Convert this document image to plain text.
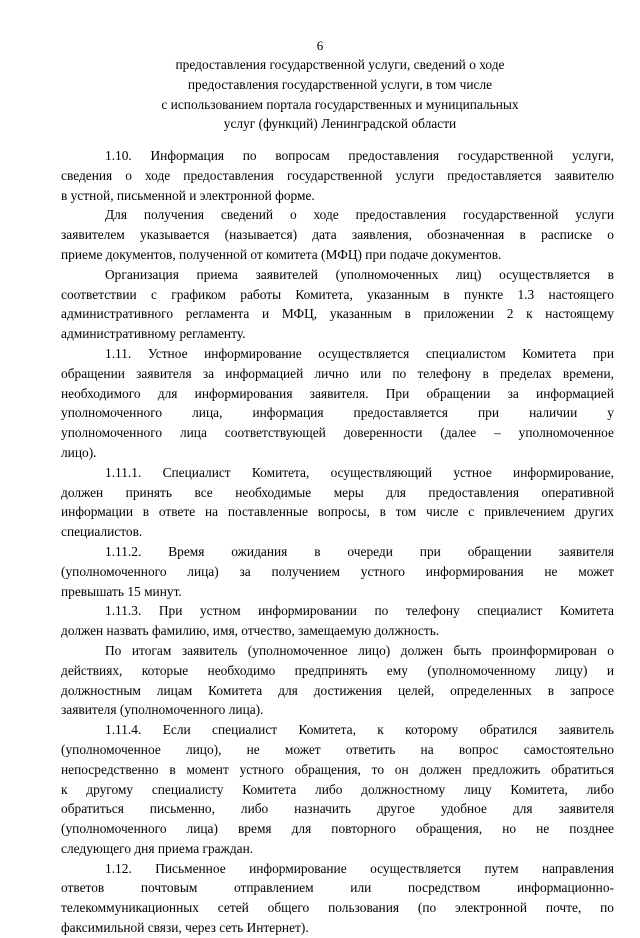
6
предоставления государственной услуги, сведений о ходе
предоставления государственной услуги, в том числе
с использованием портала государственных и муниципальных
услуг (функций) Ленинградской области
1.10. Информация по вопросам предоставления государственной услуги,
сведения о ходе предоставления государственной услуги предоставляется заявителю
в устной, письменной и электронной форме.
Для получения сведений о ходе предоставления государственной услуги
заявителем указывается (называется) дата заявления, обозначенная в расписке о
приеме документов, полученной от комитета (МФЦ) при подаче документов.
Организация приема заявителей (уполномоченных лиц) осуществляется в
соответствии с графиком работы Комитета, указанным в пункте 1.3 настоящего
административного регламента и МФЦ, указанным в приложении 2 к настоящему
административному регламенту.
1.11. Устное информирование осуществляется специалистом Комитета при
обращении заявителя за информацией лично или по телефону в пределах времени,
необходимого для информирования заявителя. При обращении за информацией
уполномоченного лица, информация предоставляется при наличии у
уполномоченного лица соответствующей доверенности (далее – уполномоченное
лицо).
1.11.1. Специалист Комитета, осуществляющий устное информирование,
должен принять все необходимые меры для предоставления оперативной
информации в ответе на поставленные вопросы, в том числе с привлечением других
специалистов.
1.11.2. Время ожидания в очереди при обращении заявителя
(уполномоченного лица) за получением устного информирования не может
превышать 15 минут.
1.11.3. При устном информировании по телефону специалист Комитета
должен назвать фамилию, имя, отчество, замещаемую должность.
По итогам заявитель (уполномоченное лицо) должен быть проинформирован о
действиях, которые необходимо предпринять ему (уполномоченному лицу) и
должностным лицам Комитета для достижения целей, определенных в запросе
заявителя (уполномоченного лица).
1.11.4. Если специалист Комитета, к которому обратился заявитель
(уполномоченное лицо), не может ответить на вопрос самостоятельно
непосредственно в момент устного обращения, то он должен предложить обратиться
к другому специалисту Комитета либо должностному лицу Комитета, либо
обратиться письменно, либо назначить другое удобное для заявителя
(уполномоченного лица) время для повторного обращения, но не позднее
следующего дня приема граждан.
1.12. Письменное информирование осуществляется путем направления
ответов почтовым отправлением или посредством информационно-
телекоммуникационных сетей общего пользования (по электронной почте, по
факсимильной связи, через сеть Интернет).
